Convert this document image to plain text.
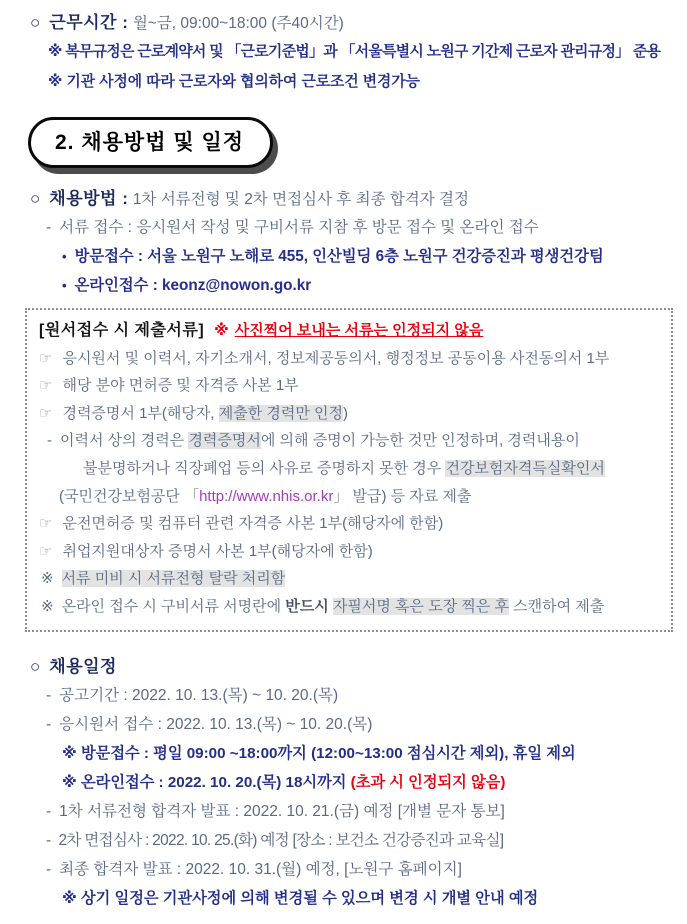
○ 근무시간 : 월~금, 09:00~18:00 (주40시간)
※ 복무규정은 근로계약서 및 「근로기준법」과 「서울특별시 노원구 기간제 근로자 관리규정」 준용
※ 기관 사정에 따라 근로자와 협의하여 근로조건 변경가능
2. 채용방법 및 일정
○ 채용방법 : 1차 서류전형 및 2차 면접심사 후 최종 합격자 결정
- 서류 접수 : 응시원서 작성 및 구비서류 지참 후 방문 접수 및 온라인 접수
• 방문접수 : 서울 노원구 노해로 455, 인산빌딩 6층 노원구 건강증진과 평생건강팀
• 온라인접수 : keonz@nowon.go.kr
[원서접수 시 제출서류] ※ 사진찍어 보내는 서류는 인정되지 않음
☞ 응시원서 및 이력서, 자기소개서, 정보제공동의서, 행정정보 공동이용 사전동의서 1부
☞ 해당 분야 면허증 및 자격증 사본 1부
☞ 경력증명서 1부(해당자, 제출한 경력만 인정)
- 이력서 상의 경력은 경력증명서에 의해 증명이 가능한 것만 인정하며, 경력내용이
불분명하거나 직장폐업 등의 사유로 증명하지 못한 경우 건강보험자격득실확인서
(국민건강보험공단 「http://www.nhis.or.kr」 발급) 등 자료 제출
☞ 운전면허증 및 컴퓨터 관련 자격증 사본 1부(해당자에 한함)
☞ 취업지원대상자 증명서 사본 1부(해당자에 한함)
※ 서류 미비 시 서류전형 탈락 처리함
※ 온라인 접수 시 구비서류 서명란에 반드시 자필서명 혹은 도장 찍은 후 스캔하여 제출
○ 채용일정
- 공고기간 : 2022. 10. 13.(목) ~ 10. 20.(목)
- 응시원서 접수 : 2022. 10. 13.(목) ~ 10. 20.(목)
※ 방문접수 : 평일 09:00 ~18:00까지 (12:00~13:00 점심시간 제외), 휴일 제외
※ 온라인접수 : 2022. 10. 20.(목) 18시까지 (초과 시 인정되지 않음)
- 1차 서류전형 합격자 발표 : 2022. 10. 21.(금) 예정 [개별 문자 통보]
- 2차 면접심사 : 2022. 10. 25.(화) 예정 [장소 : 보건소 건강증진과 교육실]
- 최종 합격자 발표 : 2022. 10. 31.(월) 예정, [노원구 홈페이지]
※ 상기 일정은 기관사정에 의해 변경될 수 있으며 변경 시 개별 안내 예정
